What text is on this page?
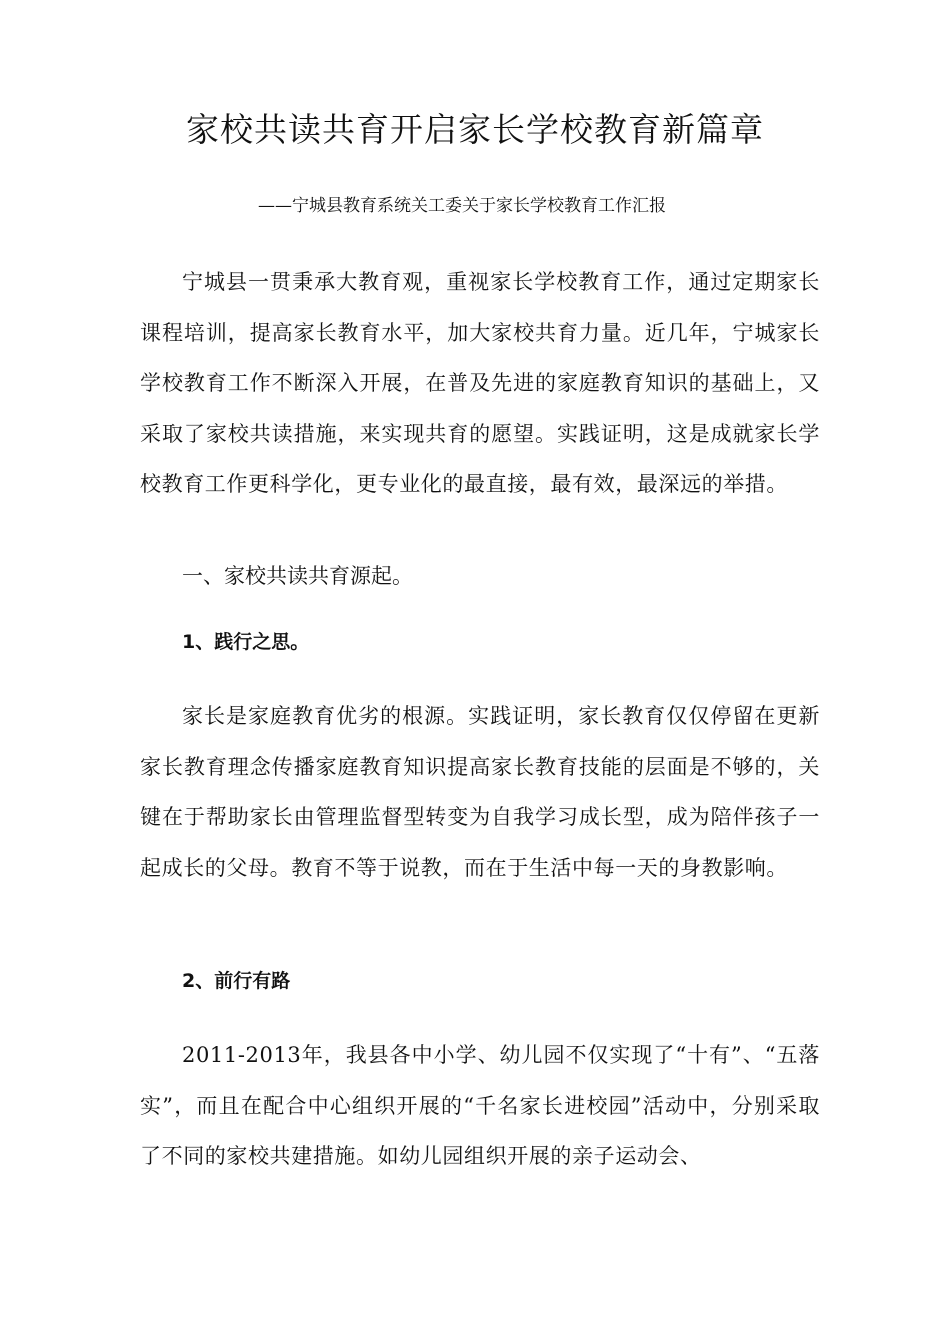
家校共读共育开启家长学校教育新篇章
——宁城县教育系统关工委关于家长学校教育工作汇报

宁城县一贯秉承大教育观，重视家长学校教育工作，通过定期家长课程培训，提高家长教育水平，加大家校共育力量。近几年，宁城家长学校教育工作不断深入开展，在普及先进的家庭教育知识的基础上，又采取了家校共读措施，来实现共育的愿望。实践证明，这是成就家长学校教育工作更科学化，更专业化的最直接，最有效，最深远的举措。

一、家校共读共育源起。

1、践行之思。

家长是家庭教育优劣的根源。实践证明，家长教育仅仅停留在更新家长教育理念传播家庭教育知识提高家长教育技能的层面是不够的，关键在于帮助家长由管理监督型转变为自我学习成长型，成为陪伴孩子一起成长的父母。教育不等于说教，而在于生活中每一天的身教影响。

2、前行有路

2011-2013年，我县各中小学、幼儿园不仅实现了“十有”、“五落实”，而且在配合中心组织开展的“千名家长进校园”活动中，分别采取了不同的家校共建措施。如幼儿园组织开展的亲子运动会、
